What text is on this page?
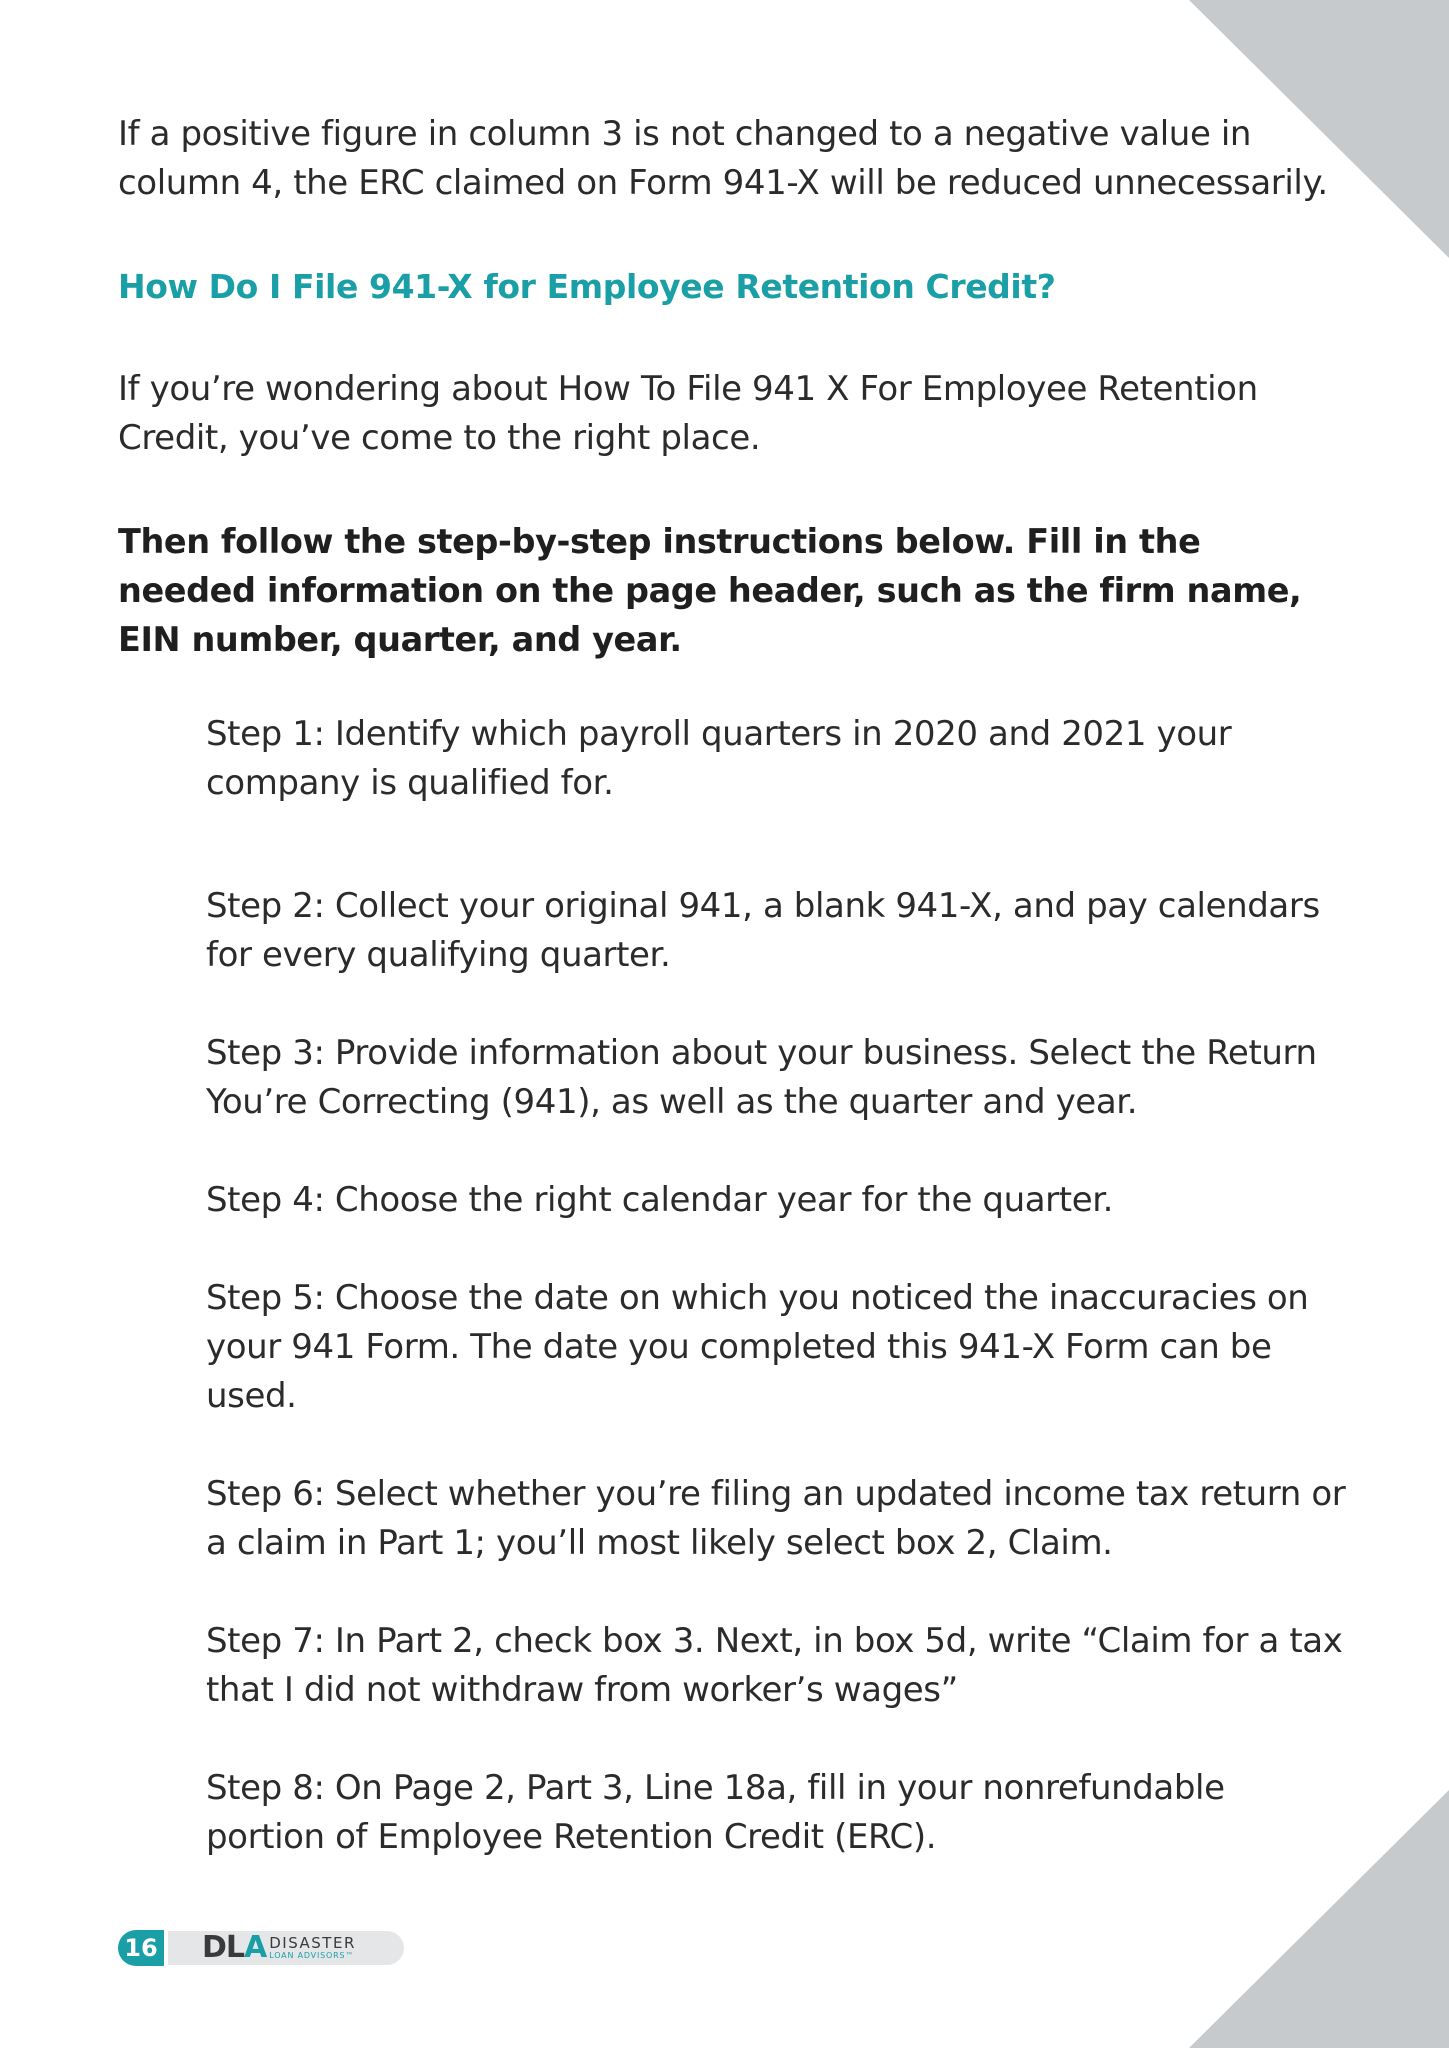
If a positive figure in column 3 is not changed to a negative value in column 4, the ERC claimed on Form 941-X will be reduced unnecessarily.

How Do I File 941-X for Employee Retention Credit?

If you’re wondering about How To File 941 X For Employee Retention Credit, you’ve come to the right place.

Then follow the step-by-step instructions below. Fill in the needed information on the page header, such as the firm name, EIN number, quarter, and year.

Step 1: Identify which payroll quarters in 2020 and 2021 your company is qualified for.

Step 2: Collect your original 941, a blank 941-X, and pay calendars for every qualifying quarter.

Step 3: Provide information about your business. Select the Return You’re Correcting (941), as well as the quarter and year.

Step 4: Choose the right calendar year for the quarter.

Step 5: Choose the date on which you noticed the inaccuracies on your 941 Form. The date you completed this 941-X Form can be used.

Step 6: Select whether you’re filing an updated income tax return or a claim in Part 1; you’ll most likely select box 2, Claim.

Step 7: In Part 2, check box 3. Next, in box 5d, write “Claim for a tax that I did not withdraw from worker’s wages”

Step 8: On Page 2, Part 3, Line 18a, fill in your nonrefundable portion of Employee Retention Credit (ERC).

16 DLA DISASTER
LOAN ADVISORS™
